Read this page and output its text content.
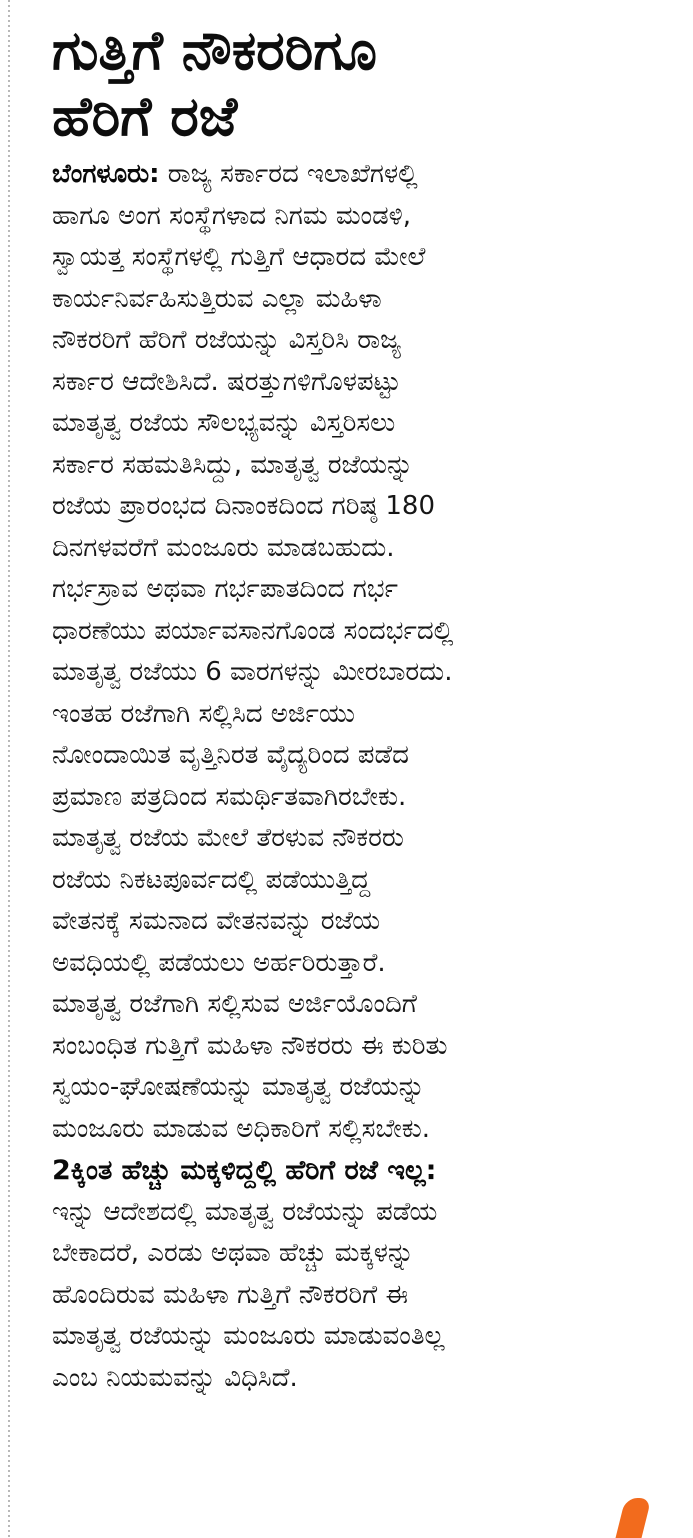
ಗುತ್ತಿಗೆ ನೌಕರರಿಗೂ
ಹೆರಿಗೆ ರಜೆ
ಬೆಂಗಳೂರು: ರಾಜ್ಯ ಸರ್ಕಾರದ ಇಲಾಖೆಗಳಲ್ಲಿ
ಹಾಗೂ ಅಂಗ ಸಂಸ್ಥೆಗಳಾದ ನಿಗಮ ಮಂಡಳಿ,
ಸ್ವಾಯತ್ತ ಸಂಸ್ಥೆಗಳಲ್ಲಿ ಗುತ್ತಿಗೆ ಆಧಾರದ ಮೇಲೆ
ಕಾರ್ಯನಿರ್ವಹಿಸುತ್ತಿರುವ ಎಲ್ಲಾ ಮಹಿಳಾ
ನೌಕರರಿಗೆ ಹೆರಿಗೆ ರಜೆಯನ್ನು ವಿಸ್ತರಿಸಿ ರಾಜ್ಯ
ಸರ್ಕಾರ ಆದೇಶಿಸಿದೆ. ಷರತ್ತುಗಳಿಗೊಳಪಟ್ಟು
ಮಾತೃತ್ವ ರಜೆಯ ಸೌಲಭ್ಯವನ್ನು ವಿಸ್ತರಿಸಲು
ಸರ್ಕಾರ ಸಹಮತಿಸಿದ್ದು, ಮಾತೃತ್ವ ರಜೆಯನ್ನು
ರಜೆಯ ಪ್ರಾರಂಭದ ದಿನಾಂಕದಿಂದ ಗರಿಷ್ಠ 180
ದಿನಗಳವರೆಗೆ ಮಂಜೂರು ಮಾಡಬಹುದು.
ಗರ್ಭಸ್ರಾವ ಅಥವಾ ಗರ್ಭಪಾತದಿಂದ ಗರ್ಭ
ಧಾರಣೆಯು ಪರ್ಯಾವಸಾನಗೊಂಡ ಸಂದರ್ಭದಲ್ಲಿ
ಮಾತೃತ್ವ ರಜೆಯು 6 ವಾರಗಳನ್ನು ಮೀರಬಾರದು.
ಇಂತಹ ರಜೆಗಾಗಿ ಸಲ್ಲಿಸಿದ ಅರ್ಜಿಯು
ನೋಂದಾಯಿತ ವೃತ್ತಿನಿರತ ವೈದ್ಯರಿಂದ ಪಡೆದ
ಪ್ರಮಾಣ ಪತ್ರದಿಂದ ಸಮರ್ಥಿತವಾಗಿರಬೇಕು.
ಮಾತೃತ್ವ ರಜೆಯ ಮೇಲೆ ತೆರಳುವ ನೌಕರರು
ರಜೆಯ ನಿಕಟಪೂರ್ವದಲ್ಲಿ ಪಡೆಯುತ್ತಿದ್ದ
ವೇತನಕ್ಕೆ ಸಮನಾದ ವೇತನವನ್ನು ರಜೆಯ
ಅವಧಿಯಲ್ಲಿ ಪಡೆಯಲು ಅರ್ಹರಿರುತ್ತಾರೆ.
ಮಾತೃತ್ವ ರಜೆಗಾಗಿ ಸಲ್ಲಿಸುವ ಅರ್ಜಿಯೊಂದಿಗೆ
ಸಂಬಂಧಿತ ಗುತ್ತಿಗೆ ಮಹಿಳಾ ನೌಕರರು ಈ ಕುರಿತು
ಸ್ವಯಂ-ಘೋಷಣೆಯನ್ನು ಮಾತೃತ್ವ ರಜೆಯನ್ನು
ಮಂಜೂರು ಮಾಡುವ ಅಧಿಕಾರಿಗೆ ಸಲ್ಲಿಸಬೇಕು.
2ಕ್ಕಿಂತ ಹೆಚ್ಚು ಮಕ್ಕಳಿದ್ದಲ್ಲಿ ಹೆರಿಗೆ ರಜೆ ಇಲ್ಲ:
ಇನ್ನು ಆದೇಶದಲ್ಲಿ ಮಾತೃತ್ವ ರಜೆಯನ್ನು ಪಡೆಯ
ಬೇಕಾದರೆ, ಎರಡು ಅಥವಾ ಹೆಚ್ಚು ಮಕ್ಕಳನ್ನು
ಹೊಂದಿರುವ ಮಹಿಳಾ ಗುತ್ತಿಗೆ ನೌಕರರಿಗೆ ಈ
ಮಾತೃತ್ವ ರಜೆಯನ್ನು ಮಂಜೂರು ಮಾಡುವಂತಿಲ್ಲ
ಎಂಬ ನಿಯಮವನ್ನು ವಿಧಿಸಿದೆ.
